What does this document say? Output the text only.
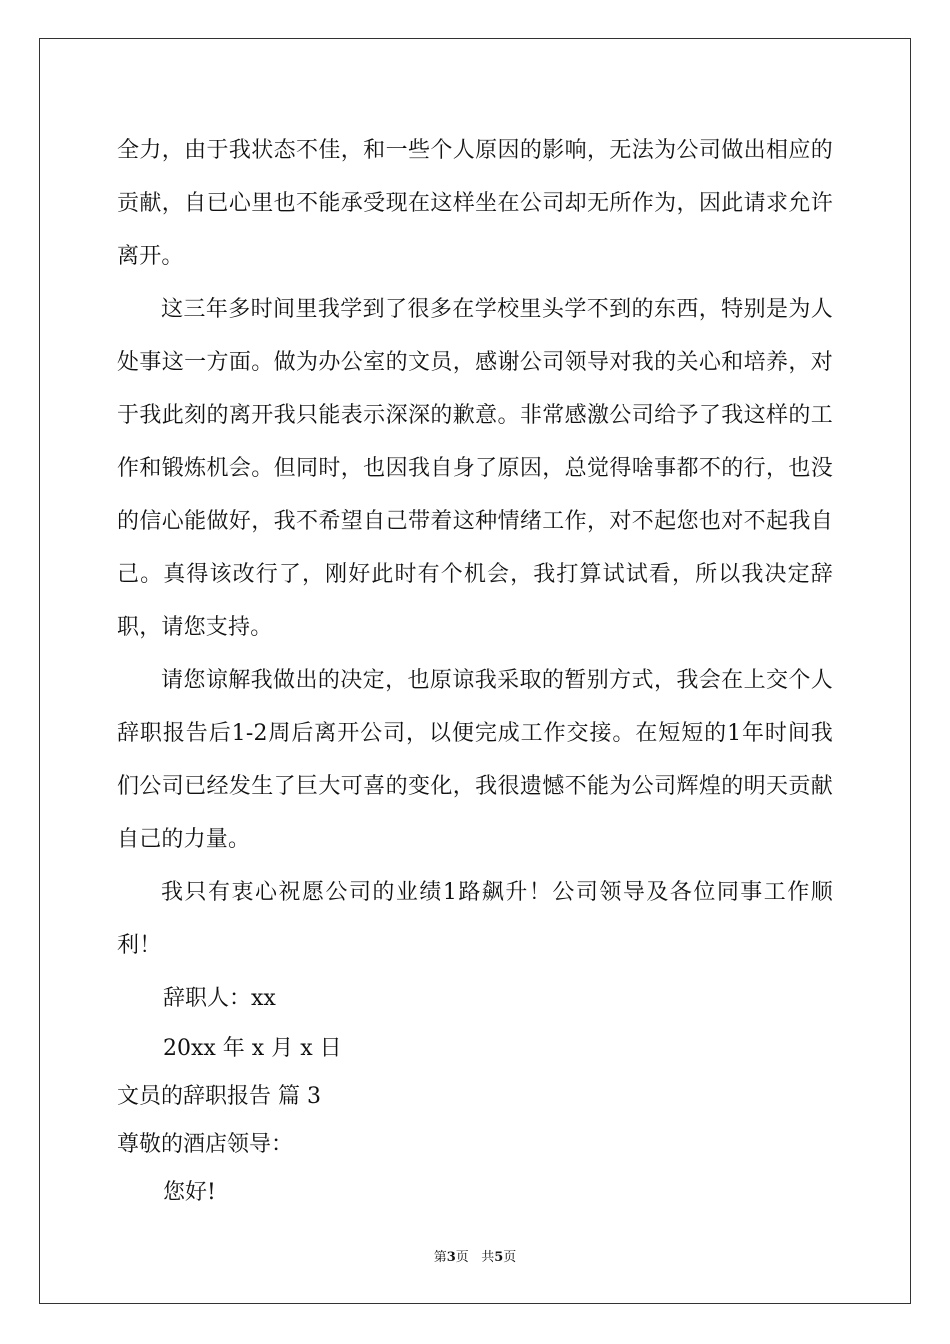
全力，由于我状态不佳，和一些个人原因的影响，无法为公司做出相应的贡献，自已心里也不能承受现在这样坐在公司却无所作为，因此请求允许离开。

这三年多时间里我学到了很多在学校里头学不到的东西，特别是为人处事这一方面。做为办公室的文员，感谢公司领导对我的关心和培养，对于我此刻的离开我只能表示深深的歉意。非常感激公司给予了我这样的工作和锻炼机会。但同时，也因我自身了原因，总觉得啥事都不的行，也没的信心能做好，我不希望自己带着这种情绪工作，对不起您也对不起我自己。真得该改行了，刚好此时有个机会，我打算试试看，所以我决定辞职，请您支持。

请您谅解我做出的决定，也原谅我采取的暂别方式，我会在上交个人辞职报告后1-2周后离开公司，以便完成工作交接。在短短的1年时间我们公司已经发生了巨大可喜的变化，我很遗憾不能为公司辉煌的明天贡献自己的力量。

我只有衷心祝愿公司的业绩1路飙升！公司领导及各位同事工作顺利！

辞职人：xx

20xx 年 x 月 x 日

文员的辞职报告 篇 3

尊敬的酒店领导：

您好!

第3页   共5页
